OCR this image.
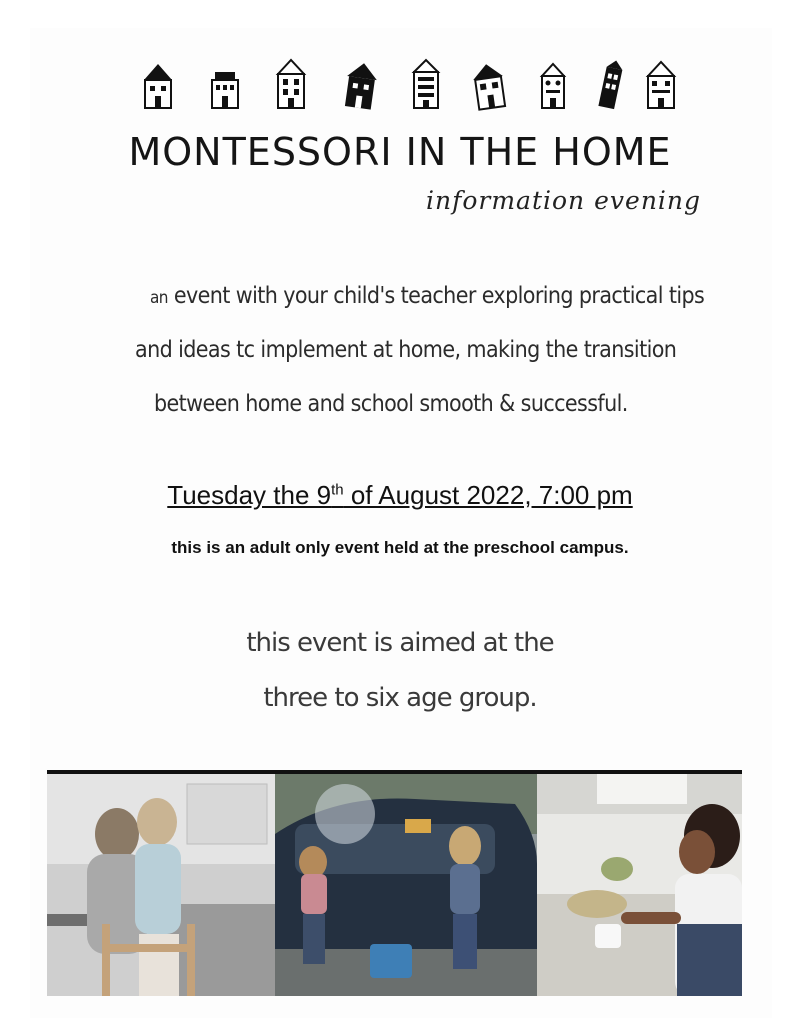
MONTESSORI IN THE HOME
information evening
an event with your child's teacher exploring practical tips
and ideas tc implement at home, making the transition
between home and school smooth & successful.
Tuesday the 9th of August 2022, 7:00 pm
this is an adult only event held at the preschool campus.
this event is aimed at the
three to six age group.
